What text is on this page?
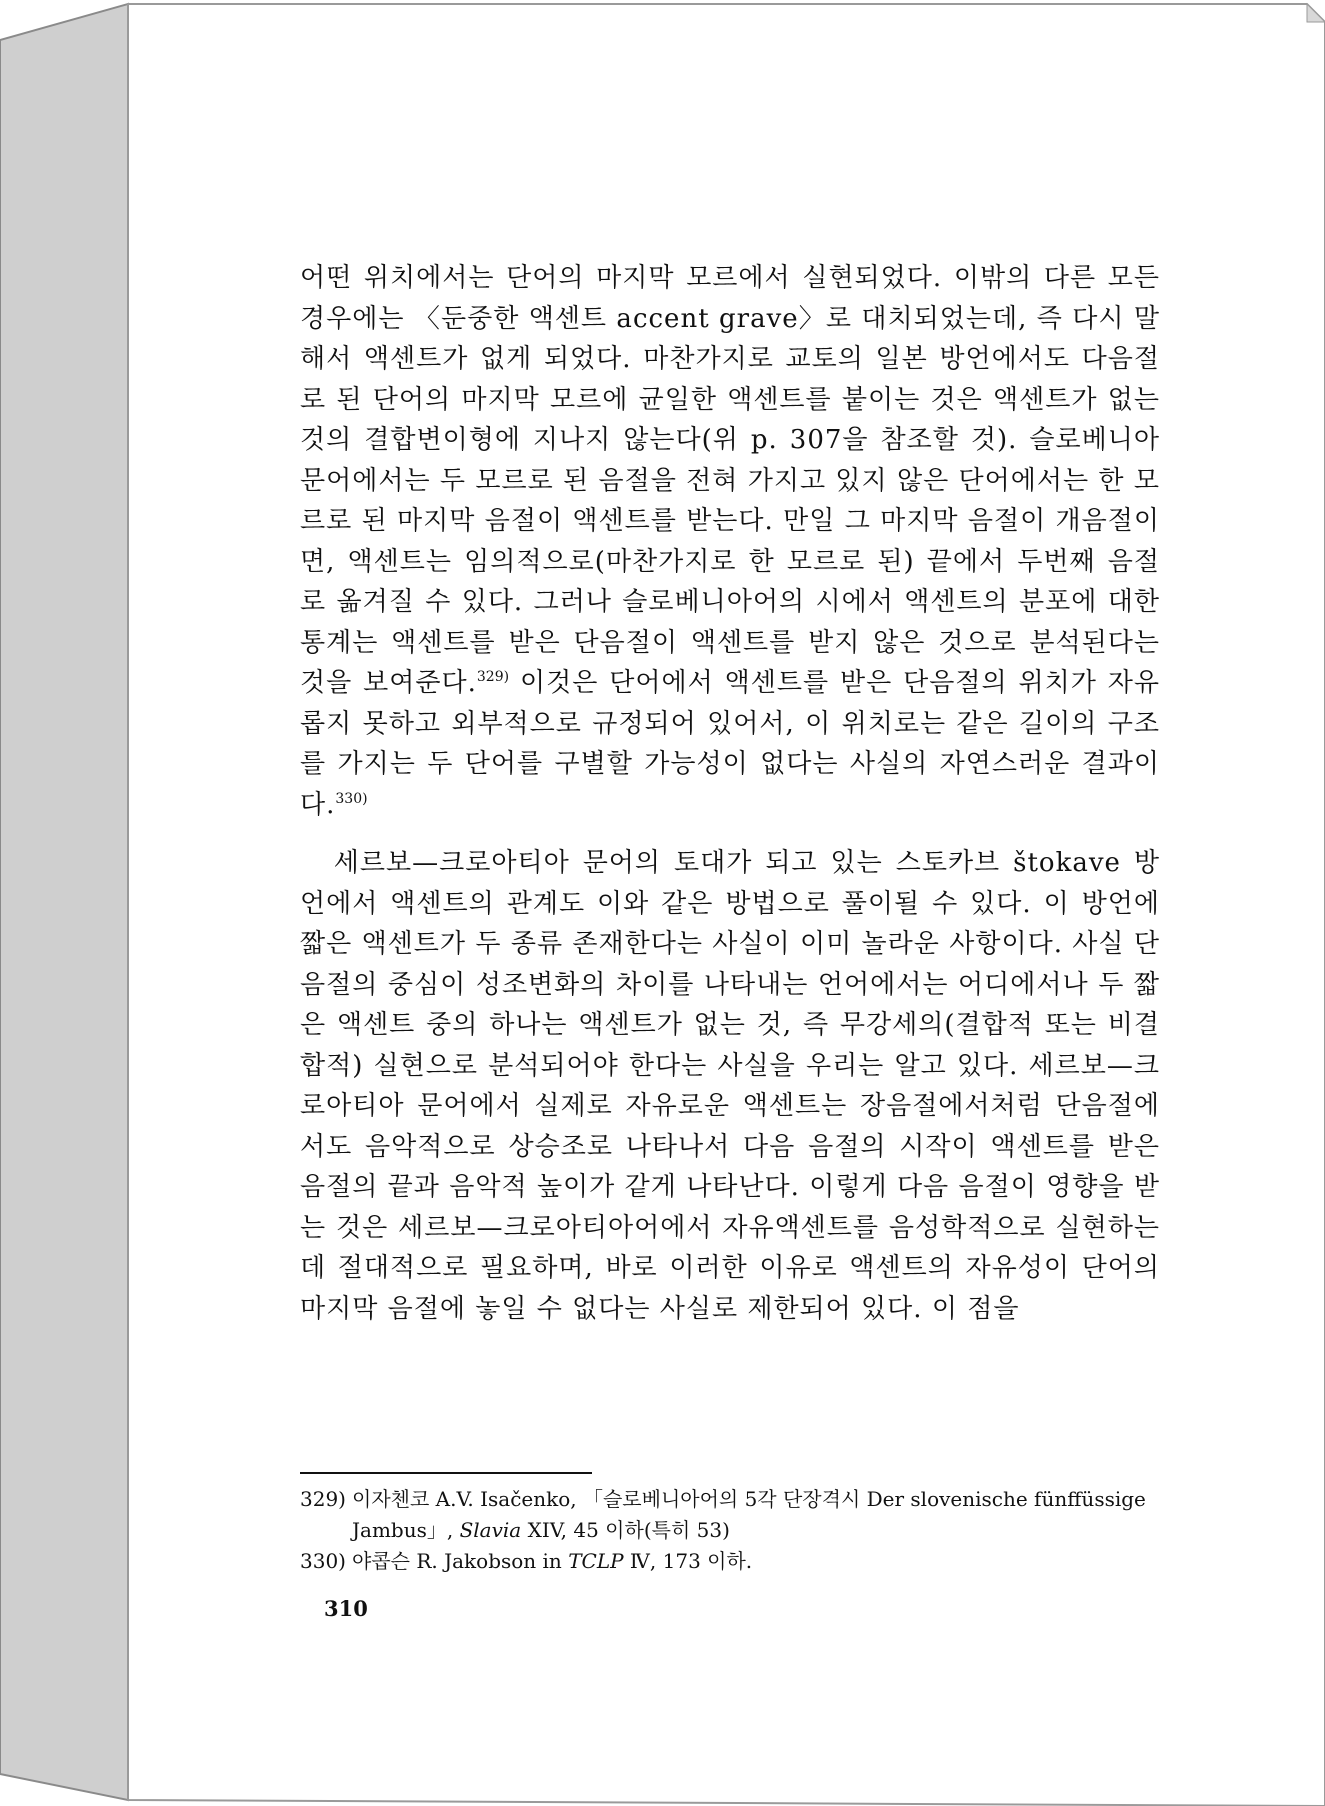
어떤 위치에서는 단어의 마지막 모르에서 실현되었다. 이밖의 다른 모든 경우에는 〈둔중한 액센트 accent grave〉로 대치되었는데, 즉 다시 말해서 액센트가 없게 되었다. 마찬가지로 교토의 일본 방언에서도 다음절로 된 단어의 마지막 모르에 균일한 액센트를 붙이는 것은 액센트가 없는 것의 결합변이형에 지나지 않는다(위 p. 307을 참조할 것). 슬로베니아 문어에서는 두 모르로 된 음절을 전혀 가지고 있지 않은 단어에서는 한 모르로 된 마지막 음절이 액센트를 받는다. 만일 그 마지막 음절이 개음절이면, 액센트는 임의적으로(마찬가지로 한 모르로 된) 끝에서 두번째 음절로 옮겨질 수 있다. 그러나 슬로베니아어의 시에서 액센트의 분포에 대한 통계는 액센트를 받은 단음절이 액센트를 받지 않은 것으로 분석된다는 것을 보여준다.$^{329)}$ 이것은 단어에서 액센트를 받은 단음절의 위치가 자유롭지 못하고 외부적으로 규정되어 있어서, 이 위치로는 같은 길이의 구조를 가지는 두 단어를 구별할 가능성이 없다는 사실의 자연스러운 결과이다.$^{330)}$

세르보—크로아티아 문어의 토대가 되고 있는 스토카브 štokave 방언에서 액센트의 관계도 이와 같은 방법으로 풀이될 수 있다. 이 방언에 짧은 액센트가 두 종류 존재한다는 사실이 이미 놀라운 사항이다. 사실 단음절의 중심이 성조변화의 차이를 나타내는 언어에서는 어디에서나 두 짧은 액센트 중의 하나는 액센트가 없는 것, 즉 무강세의(결합적 또는 비결합적) 실현으로 분석되어야 한다는 사실을 우리는 알고 있다. 세르보—크로아티아 문어에서 실제로 자유로운 액센트는 장음절에서처럼 단음절에서도 음악적으로 상승조로 나타나서 다음 음절의 시작이 액센트를 받은 음절의 끝과 음악적 높이가 같게 나타난다. 이렇게 다음 음절이 영향을 받는 것은 세르보—크로아티아어에서 자유액센트를 음성학적으로 실현하는 데 절대적으로 필요하며, 바로 이러한 이유로 액센트의 자유성이 단어의 마지막 음절에 놓일 수 없다는 사실로 제한되어 있다. 이 점을

329) 이자첸코 A.V. Isačenko, 「슬로베니아어의 5각 단장격시 Der slovenische fünffüssige Jambus」, Slavia XIV, 45 이하(특히 53)

330) 야콥슨 R. Jakobson in TCLP Ⅳ, 173 이하.

310
